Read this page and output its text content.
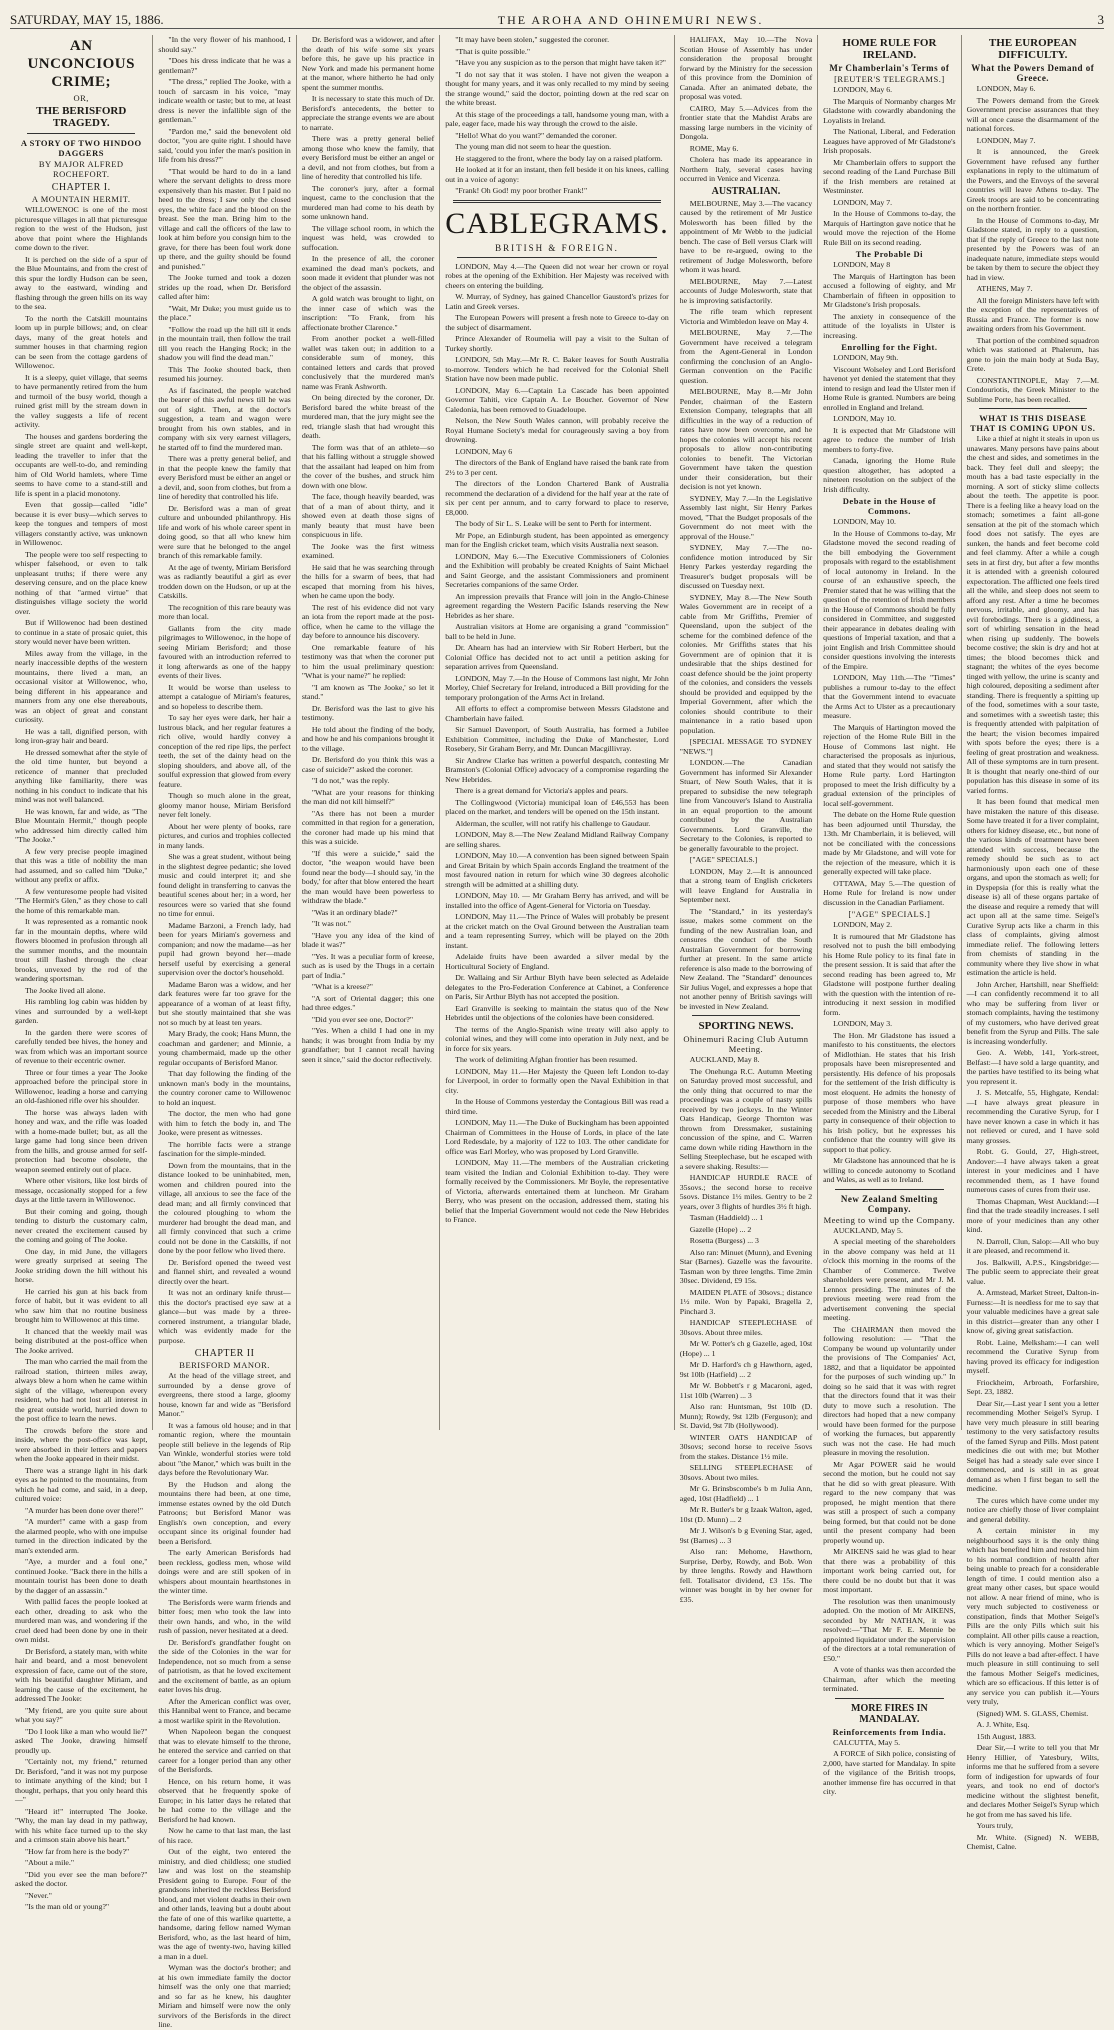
SATURDAY, MAY 15, 1886.	THE AROHA AND OHINEMURI NEWS.	3
AN UNCONCIOUS CRIME;
OR,
THE BERISFORD TRAGEDY.
A STORY OF TWO HINDOO DAGGERS
BY MAJOR ALFRED ROCHEFORT.
CHAPTER I.
A MOUNTAIN HERMIT.

WILLOWENOC is one of the most picturesque villages in all that picturesque region to the west of the Hudson, just above that point where the Highlands come down to the river.

It is perched on the side of a spur of the Blue Mountains, and from the crest of this spur the lordly Hudson can be seen, away to the eastward, winding and flashing through the green hills on its way to the sea.

To the north the Catskill mountains loom up in purple billows; and, on clear days, many of the great hotels and summer houses in that charming region can be seen from the cottage gardens of Willowenoc.

It is a sleepy, quiet village, that seems to have permanently retired from the hum and turmoil of the busy world, though a ruined grist mill by the stream down in the valley suggests a life of recent activity.

The houses and gardens bordering the single street are quaint and well-kept, leading the traveller to infer that the occupants are well-to-do, and reminding him of Old World hamlets, where Time seems to have come to a stand-still and life is spent in a placid monotony.

Even that gossip—called "idle" because it is ever busy—which serves to keep the tongues and tempers of most villagers constantly active, was unknown in Willowenoc.

The people were too self respecting to whisper falsehood, or even to talk unpleasant truths; if there were any deserving censure, and on the place knew nothing of that "armed virtue" that distinguishes village society the world over.

But if Willowenoc had been destined to continue in a state of prosaic quiet, this story would never have been written.

Miles away from the village, in the nearly inaccessible depths of the western mountains, there lived a man, an occasional visitor at Willowenoc, who, being different in his appearance and manners from any one else thereabouts, was an object of great and constant curiosity.

He was a tall, dignified person, with long iron-gray hair and beard.

He dressed somewhat after the style of the old time hunter, but beyond a reticence of manner that precluded anything like familiarity, there was nothing in his conduct to indicate that his mind was not well balanced.

He was known, far and wide, as "The Blue Mountain Hermit," though people who addressed him directly called him "The Jooke."

A few very precise people imagined that this was a title of nobility the man had assumed, and so called him "Duke," without any prefix or affix.

A few venturesome people had visited "The Hermit's Glen," as they chose to call the home of this remarkable man.

It was represented as a romantic nook far in the mountain depths, where wild flowers bloomed in profusion through all the summer months, and the mountain trout still flashed through the clear brooks, unvexed by the rod of the wandering sportsman.

The Jooke lived all alone.

His rambling log cabin was hidden by vines and surrounded by a well-kept garden.

In the garden there were scores of carefully tended bee hives, the honey and wax from which was an important source of revenue to their eccentric owner.

Three or four times a year The Jooke approached before the principal store in Willowenoc, leading a horse and carrying an old-fashioned rifle over his shoulder.

The horse was always laden with honey and wax, and the rifle was loaded with a home-made bullet; but, as all the large game had long since been driven from the hills, and grouse armed for self-protection had become obsolete, the weapon seemed entirely out of place.

Where other visitors, like lost birds of message, occasionally stopped for a few days at the little tavern in Willowenoc.

But their coming and going, though tending to disturb the customary calm, never created the excitement caused by the coming and going of The Jooke.

One day, in mid June, the villagers were greatly surprised at seeing The Jooke striding down the hill without his horse.

He carried his gun at his back from force of habit, but it was evident to all who saw him that no routine business brought him to Willowenoc at this time.

It chanced that the weekly mail was being distributed at the post-office when The Jooke arrived.

The man who carried the mail from the railroad station, thirteen miles away, always blew a horn when he came within sight of the village, whereupon every resident, who had not lost all interest in the great outside world, hurried down to the post office to learn the news.

The crowds before the store and inside, where the post-office was kept, were absorbed in their letters and papers when the Jooke appeared in their midst.

There was a strange light in his dark eyes as he pointed to the mountains, from which he had come, and said, in a deep, cultured voice:

"A murder has been done over there!"

"A murder!" came with a gasp from the alarmed people, who with one impulse turned in the direction indicated by the man's extended arm.

"Aye, a murder and a foul one," continued Jooke. "Back there in the hills a mountain tourist has been done to death by the dagger of an assassin."

With pallid faces the people looked at each other, dreading to ask who the murdered man was, and wondering if the cruel deed had been done by one in their own midst.

Dr Berisford, a stately man, with white hair and beard, and a most benevolent expression of face, came out of the store, with his beautiful daughter Miriam, and learning the cause of the excitement, he addressed The Jooke:

"My friend, are you quite sure about what you say?"

"Do I look like a man who would lie?" asked The Jooke, drawing himself proudly up.

"Certainly not, my friend," returned Dr. Berisford, "and it was not my purpose to intimate anything of the kind; but I thought, perhaps, that you only heard this—"

"Heard it!" interrupted The Jooke. "Why, the man lay dead in my pathway, with his white face turned up to the sky and a crimson stain above his heart."

"How far from here is the body?"

"About a mile."

"Did you ever see the man before?" asked the doctor.

"Never."

"Is the man old or young?"

"In the very flower of his manhood, I should say."

"Does his dress indicate that he was a gentleman?"

"The dress," replied The Jooke, with a touch of sarcasm in his voice, "may indicate wealth or taste; but to me, at least dress is never the infallible sign of the gentleman."

"Pardon me," said the benevolent old doctor, "you are quite right. I should have said, 'could you infer the man's position in life from his dress?'"

"That would be hard to do in a land where the servant delights to dress more expensively than his master. But I paid no heed to the dress; I saw only the closed eyes, the white face and the blood on the breast. See the man. Bring him to the village and call the officers of the law to look at him before you consign him to the grave, for there has been foul work done up there, and the guilty should be found and punished."

The Jooke turned and took a dozen strides up the road, when Dr. Berisford called after him:

"Wait, Mr Duke; you must guide us to the place."

"Follow the road up the hill till it ends in the mountain trail, then follow the trail till you reach the Hanging Rock; in the shadow you will find the dead man."

This The Jooke shouted back, then resumed his journey.

As if fascinated, the people watched the bearer of this awful news till he was out of sight. Then, at the doctor's suggestion, a team and wagon were brought from his own stables, and in company with six very earnest villagers, he started off to find the murdered man.

There was a pretty general belief, and in that the people knew the family that every Berisford must be either an angel or a devil, and, soon from clothes, but from a line of heredity that controlled his life.

Dr. Berisford was a man of great culture and unbounded philanthropy. His life and work of his whole career spent in doing good, so that all who knew him were sure that he belonged to the angel branch of this remarkable family.

At the age of twenty, Miriam Berisford was as radiantly beautiful a girl as ever trodden down on the Hudson, or up at the Catskills.

The recognition of this rare beauty was more than local.

Gallants from the city made pilgrimages to Willowenoc, in the hope of seeing Miriam Berisford; and those favoured with an introduction referred to it long afterwards as one of the happy events of their lives.

It would be worse than useless to attempt a catalogue of Miriam's features, and so hopeless to describe them.

To say her eyes were dark, her hair a lustrous black, and her regular features a rich olive, would hardly convey a conception of the red ripe lips, the perfect teeth, the set of the dainty head on the sloping shoulders, and above all, of the soulful expression that glowed from every feature.

Though so much alone in the great, gloomy manor house, Miriam Berisford never felt lonely.

About her were plenty of books, rare pictures, and curios and trophies collected in many lands.

She was a great student, without being in the slightest degree pedantic; she loved music and could interpret it; and she found delight in transferring to canvas the beautiful scenes about her; in a word, her resources were so varied that she found no time for ennui.

Madame Barzoni, a French lady, had been for years Miriam's governess and companion; and now the madame—as her pupil had grown beyond her—made herself useful by exercising a general supervision over the doctor's household.

Madame Baron was a widow, and her dark features were far too grave for the appearance of a woman of at least fifty, but she stoutly maintained that she was not so much by at least ten years.

Mary Brady, the cook; Hans Munn, the coachman and gardener; and Minnie, a young chambermaid, made up the other regular occupants of Berisford Manor.

That day following the finding of the unknown man's body in the mountains, the country coroner came to Willowenoc to hold an inquest.

The doctor, the men who had gone with him to fetch the body in, and The Jooke, were present as witnesses.

The horrible facts were a strange fascination for the simple-minded.

Down from the mountains, that in the distance looked to be uninhabited, men, women and children poured into the village, all anxious to see the face of the dead man; and all firmly convinced that the coloured ploughing to whom the murderer had brought the dead man, and all firmly convinced that such a crime could not be done in the Catskills, if not done by the poor fellow who lived there.

Dr. Berisford opened the tweed vest and flannel shirt, and revealed a wound directly over the heart.

It was not an ordinary knife thrust—this the doctor's practised eye saw at a glance—but was made by a three-cornered instrument, a triangular blade, which was evidently made for the purpose.

CHAPTER II
BERISFORD MANOR.

At the head of the village street, and surrounded by a dense grove of evergreens, there stood a large, gloomy house, known far and wide as "Berisford Manor."

It was a famous old house; and in that romantic region, where the mountain people still believe in the legends of Rip Van Winkle, wonderful stories were told about "the Manor," which was built in the days before the Revolutionary War.

By the Hudson and along the mountains there had been, at one time, immense estates owned by the old Dutch Patroons; but Berisford Manor was English's own conception, and every occupant since its original founder had been a Berisford.

The early American Berisfords had been reckless, godless men, whose wild doings were and are still spoken of in whispers about mountain hearthstones in the winter time.

The Berisfords were warm friends and bitter foes; men who took the law into their own hands, and who, in the wild rush of passion, never hesitated at a deed.

Dr. Berisford's grandfather fought on the side of the Colonies in the war for Independence, not so much from a sense of patriotism, as that he loved excitement and the excitement of battle, as an opium eater loves his drug.

After the American conflict was over, this Hannibal went to France, and became a most warlike spirit in the Revolution.

When Napoleon began the conquest that was to elevate himself to the throne, he entered the service and carried on that career for a longer period than any other of the Berisfords.

Hence, on his return home, it was observed that he frequently spoke of Europe; in his latter days he related that he had come to the village and the Berisford he had known.

Now he came to that last man, the last of his race.

Out of the eight, two entered the ministry, and died childless; one studied law and was lost on the steamship President going to Europe. Four of the grandsons inherited the reckless Berisford blood, and met violent deaths in their own and other lands, leaving but a doubt about the fate of one of this warlike quartette, a handsome, daring fellow named Wyman Berisford, who, as the last heard of him, was the age of twenty-two, having killed a man in a duel.

Wyman was the doctor's brother; and at his own immediate family the doctor himself was the only one that married; and so far as he knew, his daughter Miriam and himself were now the only survivors of the Berisfords in the direct line.

Dr. Berisford was a widower, and after the death of his wife some six years before this, he gave up his practice in New York and made his permanent home at the manor, where hitherto he had only spent the summer months.

It is necessary to state this much of Dr. Berisford's antecedents, the better to appreciate the strange events we are about to narrate.

There was a pretty general belief among those who knew the family, that every Berisford must be either an angel or a devil, and not from clothes, but from a line of heredity that controlled his life.

The coroner's jury, after a formal inquest, came to the conclusion that the murdered man had come to his death by some unknown hand.

The village school room, in which the inquest was held, was crowded to suffocation.

In the presence of all, the coroner examined the dead man's pockets, and soon made it evident that plunder was not the object of the assassin.

A gold watch was brought to light, on the inner case of which was the inscription: "To Frank, from his affectionate brother Clarence."

From another pocket a well-filled wallet was taken out; in addition to a considerable sum of money, this contained letters and cards that proved conclusively that the murdered man's name was Frank Ashworth.

On being directed by the coroner, Dr. Berisford bared the white breast of the murdered man, that the jury might see the red, triangle slash that had wrought this death.

The form was that of an athlete—so that his falling without a struggle showed that the assailant had leaped on him from the cover of the bushes, and struck him down with one blow.

The face, though heavily bearded, was that of a man of about thirty, and it showed even at death those signs of manly beauty that must have been conspicuous in life.

The Jooke was the first witness examined.

He said that he was searching through the hills for a swarm of bees, that had escaped that morning from his hives, when he came upon the body.

The rest of his evidence did not vary an iota from the report made at the post-office, when he came to the village the day before to announce his discovery.

One remarkable feature of his testimony was that when the coroner put to him the usual preliminary question: "What is your name?" he replied:

"I am known as 'The Jooke,' so let it stand."

Dr. Berisford was the last to give his testimony.

He told about the finding of the body, and how he and his companions brought it to the village.

Dr. Berisford do you think this was a case of suicide?" asked the coroner.

"I do not," was the reply.

"What are your reasons for thinking the man did not kill himself?"

"As there has not been a murder committed in that region for a generation, the coroner had made up his mind that this was a suicide.

"If this were a suicide," said the doctor, "the weapon would have been found near the body—I should say, 'in the body,' for after that blow entered the heart the man would have been powerless to withdraw the blade."

"Was it an ordinary blade?"

"It was not."

"Have you any idea of the kind of blade it was?"

"Yes. It was a peculiar form of kreese, such as is used by the Thugs in a certain part of India."

"What is a kreese?"

"A sort of Oriental dagger; this one had three edges."

"Did you ever see one, Doctor?"

"Yes. When a child I had one in my hands; it was brought from India by my grandfather; but I cannot recall having seen it since," said the doctor reflectively.

"It may have been stolen," suggested the coroner.

"That is quite possible."

"Have you any suspicion as to the person that might have taken it?"

"I do not say that it was stolen. I have not given the weapon a thought for many years, and it was only recalled to my mind by seeing the strange wound," said the doctor, pointing down at the red scar on the white breast.

At this stage of the proceedings a tall, handsome young man, with a pale, eager face, made his way through the crowd to the aisle.

"Hello! What do you want?" demanded the coroner.

The young man did not seem to hear the question.

He staggered to the front, where the body lay on a raised platform.

He looked at it for an instant, then fell beside it on his knees, calling out in a voice of agony:

"Frank! Oh God! my poor brother Frank!"

CABLEGRAMS.
BRITISH & FOREIGN.

LONDON, May 4.—The Queen did not wear her crown or royal robes at the opening of the Exhibition. Her Majesty was received with cheers on entering the building.

W. Murray, of Sydney, has gained Chancellor Gaustord's prizes for Latin and Greek verses.

The European Powers will present a fresh note to Greece to-day on the subject of disarmament.

Prince Alexander of Roumelia will pay a visit to the Sultan of Turkey shortly.

LONDON, 5th May.—Mr R. C. Baker leaves for South Australia to-morrow. Tenders which he had received for the Colonial Shell Station have now been made public.

LONDON, May 6.—Captain La Cascade has been appointed Governor Tahiti, vice Captain A. Le Boucher. Governor of New Caledonia, has been removed to Guadeloupe.

Nelson, the New South Wales cannon, will probably receive the Royal Humane Society's medal for courageously saving a boy from drowning.

LONDON, May 6

The directors of the Bank of England have raised the bank rate from 2½ to 3 per cent.

The directors of the London Chartered Bank of Australia recommend the declaration of a dividend for the half year at the rate of six per cent per annum, and to carry forward to place to reserve, £8,000.

The body of Sir L. S. Leake will be sent to Perth for interment.

Mr Pope, an Edinburgh student, has been appointed as emergency man for the English cricket team, which visits Australia next season.

LONDON, May 6.—The Executive Commissioners of Colonies and the Exhibition will probably be created Knights of Saint Michael and Saint George, and the assistant Commissioners and prominent Secretaries companions of the same Order.

An impression prevails that France will join in the Anglo-Chinese agreement regarding the Western Pacific Islands reserving the New Hebrides as her share.

Australian visitors at Home are organising a grand "commission" ball to be held in June.

Dr. Ahearn has had an interview with Sir Robert Herbert, but the Colonial Office has decided not to act until a petition asking for separation arrives from Queensland.

LONDON, May 7.—In the House of Commons last night, Mr John Morley, Chief Secretary for Ireland, introduced a Bill providing for the temporary prolongation of the Arms Act in Ireland.

All efforts to effect a compromise between Messrs Gladstone and Chamberlain have failed.

Sir Samuel Davenport, of South Australia, has formed a Jubilee Exhibition Committee, including the Duke of Manchester, Lord Rosebery, Sir Graham Berry, and Mr. Duncan Macgillivray.

Sir Andrew Clarke has written a powerful despatch, contesting Mr Bramston's (Colonial Office) advocacy of a compromise regarding the New Hebrides.

There is a great demand for Victoria's apples and pears.

The Collingwood (Victoria) municipal loan of £46,553 has been placed on the market, and tenders will be opened on the 15th instant.

Alderman, the sculler, will not ratify his challenge to Gaudaur.

LONDON, May 8.—The New Zealand Midland Railway Company are selling shares.

LONDON, May 10.—A convention has been signed between Spain and Great Britain by which Spain accords England the treatment of the most favoured nation in return for which wine 30 degrees alcoholic strength will be admitted at a shilling duty.

LONDON, May 10. — Mr Graham Berry has arrived, and will be installed into the office of Agent-General for Victoria on Tuesday.

LONDON, May 11.—The Prince of Wales will probably be present at the cricket match on the Oval Ground between the Australian team and a team representing Surrey, which will be played on the 20th instant.

Adelaide fruits have been awarded a silver medal by the Horticultural Society of England.

Dr. Wallaing and Sir Arthur Blyth have been selected as Adelaide delegates to the Pro-Federation Conference at Cabinet, a Conference on Paris, Sir Arthur Blyth has not accepted the position.

Earl Granville is seeking to maintain the status quo of the New Hebrides until the objections of the colonies have been considered.

The terms of the Anglo-Spanish wine treaty will also apply to colonial wines, and they will come into operation in July next, and be in force for six years.

The work of delimiting Afghan frontier has been resumed.

LONDON, May 11.—Her Majesty the Queen left London to-day for Liverpool, in order to formally open the Naval Exhibition in that city.

In the House of Commons yesterday the Contagious Bill was read a third time.

LONDON, May 11.—The Duke of Buckingham has been appointed Chairman of Committees in the House of Lords, in place of the late Lord Redesdale, by a majority of 122 to 103. The other candidate for office was Earl Morley, who was proposed by Lord Granville.

LONDON, May 11.—The members of the Australian cricketing team visited the Indian and Colonial Exhibition to-day. They were formally received by the Commissioners. Mr Boyle, the representative of Victoria, afterwards entertained them at luncheon. Mr Graham Berry, who was present on the occasion, addressed them, stating his belief that the Imperial Government would not cede the New Hebrides to France.

HALIFAX, May 10.—The Nova Scotian House of Assembly has under consideration the proposal brought forward by the Ministry for the secession of this province from the Dominion of Canada. After an animated debate, the proposal was voted.

CAIRO, May 5.—Advices from the frontier state that the Mahdist Arabs are massing large numbers in the vicinity of Dongola.

ROME, May 6.

Cholera has made its appearance in Northern Italy, several cases having occurred in Venice and Vicenza.

AUSTRALIAN.

MELBOURNE, May 3.—The vacancy caused by the retirement of Mr Justice Molesworth has been filled by the appointment of Mr Webb to the judicial bench. The case of Bell versus Clark will have to be re-argued, owing to the retirement of Judge Molesworth, before whom it was heard.

MELBOURNE, May 7.—Latest accounts of Judge Molesworth, state that he is improving satisfactorily.

The rifle team which represent Victoria and Wimbledon leave on May 4.

MELBOURNE, May 7.—The Government have received a telegram from the Agent-General in London confirming the conclusion of an Anglo-German convention on the Pacific question.

MELBOURNE, May 8.—Mr John Pender, chairman of the Eastern Extension Company, telegraphs that all difficulties in the way of a reduction of rates have now been overcome, and he hopes the colonies will accept his recent proposals to allow non-contributing colonies to benefit. The Victorian Government have taken the question under their consideration, but their decision is not yet known.

SYDNEY, May 7.—In the Legislative Assembly last night, Sir Henry Parkes moved, "That the Budget proposals of the Government do not meet with the approval of the House."

SYDNEY, May 7.—The no-confidence motion introduced by Sir Henry Parkes yesterday regarding the Treasurer's budget proposals will be discussed on Tuesday next.

SYDNEY, May 8.—The New South Wales Government are in receipt of a cable from Mr Griffiths, Premier of Queensland, upon the subject of the scheme for the combined defence of the colonies. Mr Griffiths states that his Government are of opinion that it is undesirable that the ships destined for coast defence should be the joint property of the colonies, and considers the vessels should be provided and equipped by the Imperial Government, after which the colonies should contribute to their maintenance in a ratio based upon population.

[SPECIAL MESSAGE TO SYDNEY "NEWS."]

LONDON.—The Canadian Government has informed Sir Alexander Stuart, of New South Wales, that it is prepared to subsidise the new telegraph line from Vancouver's Island to Australia in an equal proportion to the amount contributed by the Australian Governments. Lord Granville, the Secretary to the Colonies, is reported to be generally favourable to the project.

["AGE" SPECIALS.]

LONDON, May 2.—It is announced that a strong team of English cricketers will leave England for Australia in September next.

The "Standard," in its yesterday's issue, makes some comment on the funding of the new Australian loan, and censures the conduct of the South Australian Government for borrowing further at present. In the same article reference is also made to the borrowing of New Zealand. The "Standard" denounces Sir Julius Vogel, and expresses a hope that not another penny of British savings will be invested in New Zealand.

SPORTING NEWS.
Ohinemuri Racing Club Autumn Meeting.

AUCKLAND, May 8.

The Onehunga R.C. Autumn Meeting on Saturday proved most successful, and the only thing that occurred to mar the proceedings was a couple of nasty spills received by two jockeys. In the Winter Oats Handicap, George Thornton was thrown from Dressmaker, sustaining concussion of the spine, and C. Warren came down while riding Hawthorn in the Selling Steeplechase, but he escaped with a severe shaking. Results:—

HANDICAP HURDLE RACE of 35sovs.; the second horse to receive 5sovs. Distance 1½ miles. Gentry to be 2 years, over 3 flights of hurdles 3½ ft high.

Tasman (Haddield) ... 1

Gazelle (Hope) ... 2

Rosetta (Burgess) ... 3

Also ran: Minuet (Munn), and Evening Star (Barnes). Gazelle was the favourite. Tasman won by three lengths. Time 2min 30sec. Dividend, £9 15s.

MAIDEN PLATE of 30sovs.; distance 1½ mile. Won by Papaki, Bragella 2, Pinchard 3.

HANDICAP STEEPLECHASE of 30sovs. About three miles.

Mr W. Potter's ch g Gazelle, aged, 10st (Hope) ... 1

Mr D. Harford's ch g Hawthorn, aged, 9st 10lb (Hatfield) ... 2

Mr W. Bobbett's r g Macaroni, aged, 11st 10lb (Warren) ... 3

Also ran: Huntsman, 9st 10lb (D. Munn); Rowdy, 9st 12lb (Ferguson); and St. David, 9st 7lb (Hollywood).

WINTER OATS HANDICAP of 30sovs; second horse to receive 5sovs from the stakes. Distance 1½ mile.

SELLING STEEPLECHASE of 30sovs. About two miles.

Mr G. Brinsbscombe's b m Julia Ann, aged, 10st (Hadfield) ... 1

Mr R. Butler's br g Izaak Walton, aged, 10st (D. Munn) ... 2

Mr J. Wilson's b g Evening Star, aged, 9st (Barnes) ... 3

Also ran: Mehome, Hawthorn, Surprise, Derby, Rowdy, and Bob. Won by three lengths. Rowdy and Hawthorn fell. Totalisator dividend, £3 15s. The winner was bought in by her owner for £35.

HOME RULE FOR IRELAND.
Mr Chamberlain's Terms of
[REUTER'S TELEGRAMS.]

LONDON, May 6.

The Marquis of Normanby charges Mr Gladstone with cowardly abandoning the Loyalists in Ireland.

The National, Liberal, and Federation Leagues have approved of Mr Gladstone's Irish proposals.

Mr Chamberlain offers to support the second reading of the Land Purchase Bill if the Irish members are retained at Westminster.

LONDON, May 7.

In the House of Commons to-day, the Marquis of Hartington gave notice that he would move the rejection of the Home Rule Bill on its second reading.

The Probable Di

LONDON, May 8

The Marquis of Hartington has been accused a following of eighty, and Mr Chamberlain of fifteen in opposition to Mr Gladstone's Irish proposals.

The anxiety in consequence of the attitude of the loyalists in Ulster is increasing.

Enrolling for the Fight.

LONDON, May 9th.

Viscount Wolseley and Lord Berisford havenot yet denied the statement that they intend to resign and lead the Ulster men if Home Rule is granted. Numbers are being enrolled in England and Ireland.

LONDON, May 10.

It is expected that Mr Gladstone will agree to reduce the number of Irish members to forty-five.

Canada, ignoring the Home Rule question altogether, has adopted a nineteen resolution on the subject of the Irish difficulty.

Debate in the House of Commons.

LONDON, May 10.

In the House of Commons to-day, Mr Gladstone moved the second reading of the bill embodying the Government proposals with regard to the establishment of local autonomy in Ireland. In the course of an exhaustive speech, the Premier stated that he was willing that the question of the retention of Irish members in the House of Commons should be fully considered in Committee, and suggested their appearance in debates dealing with questions of Imperial taxation, and that a joint English and Irish Committee should consider questions involving the interests of the Empire.

LONDON, May 11th.—The "Times" publishes a rumour to-day to the effect that the Government intend to evacuate the Arms Act to Ulster as a precautionary measure.

The Marquis of Hartington moved the rejection of the Home Rule Bill in the House of Commons last night. He characterised the proposals as injurious, and stated that they would not satisfy the Home Rule party. Lord Hartington proposed to meet the Irish difficulty by a gradual extension of the principles of local self-government.

The debate on the Home Rule question has been adjourned until Thursday, the 13th. Mr Chamberlain, it is believed, will not be conciliated with the concessions made by Mr Gladstone, and will vote for the rejection of the measure, which it is generally expected will take place.

OTTAWA, May 5.—The question of Home Rule for Ireland is now under discussion in the Canadian Parliament.

["AGE" SPECIALS.]

LONDON, May 2.

It is rumoured that Mr Gladstone has resolved not to push the bill embodying his Home Rule policy to its final fate in the present session. It is said that after the second reading has been agreed to, Mr Gladstone will postpone further dealing with the question with the intention of re-introducing it next session in modified form.

LONDON, May 3.

The Hon. Mr Gladstone has issued a manifesto to his constituents, the electors of Midlothian. He states that his Irish proposals have been misrepresented and persistently. His defence of his proposals for the settlement of the Irish difficulty is most eloquent. He admits the honesty of purpose of those members who have seceded from the Ministry and the Liberal party in consequence of their objection to his Irish policy, but he expresses his confidence that the country will give its support to that policy.

Mr Gladstone has announced that he is willing to concede autonomy to Scotland and Wales, as well as to Ireland.

New Zealand Smelting Company.
Meeting to wind up the Company.

AUCKLAND, May 5.

A special meeting of the shareholders in the above company was held at 11 o'clock this morning in the rooms of the Chamber of Commerce. Twelve shareholders were present, and Mr J. M. Lennox presiding. The minutes of the previous meeting were read from the advertisement convening the special meeting.

The CHAIRMAN then moved the following resolution: — "That the Company be wound up voluntarily under the provisions of The Companies' Act, 1882, and that a liquidator be appointed for the purposes of such winding up." In doing so he said that it was with regret that the directors found that it was their duty to move such a resolution. The directors had hoped that a new company would have been formed for the purpose of working the furnaces, but apparently such was not the case. He had much pleasure in moving the resolution.

Mr Agar POWER said he would second the motion, but he could not say that he did so with great pleasure. With regard to the new company that was proposed, he might mention that there was still a prospect of such a company being formed, but that could not be done until the present company had been properly wound up.

Mr AIKENS said he was glad to hear that there was a probability of this important work being carried out, for there could be no doubt but that it was most important.

The resolution was then unanimously adopted. On the motion of Mr AIKENS, seconded by Mr NATHAN, it was resolved:—"That Mr F. E. Mennie be appointed liquidator under the supervision of the directors at a total remuneration of £50."

A vote of thanks was then accorded the Chairman, after which the meeting terminated.

MORE FIRES IN MANDALAY.
Reinforcements from India.

CALCUTTA, May 5.

A FORCE of Sikh police, consisting of 2,000, have started for Mandalay. In spite of the vigilance of the British troops, another immense fire has occurred in that city.

THE EUROPEAN DIFFICULTY.
What the Powers Demand of Greece.

LONDON, May 6.

The Powers demand from the Greek Government precise assurances that they will at once cause the disarmament of the national forces.

LONDON, May 7.

It is announced, the Greek Government have refused any further explanations in reply to the ultimatum of the Powers, and the Envoys of the several countries will leave Athens to-day. The Greek troops are said to be concentrating on the northern frontier.

In the House of Commons to-day, Mr Gladstone stated, in reply to a question, that if the reply of Greece to the last note presented by the Powers was of an inadequate nature, immediate steps would be taken by them to secure the object they had in view.

ATHENS, May 7.

All the foreign Ministers have left with the exception of the representatives of Russia and France. The former is now awaiting orders from his Government.

That portion of the combined squadron which was stationed at Phalerum, has gone to join the main body at Suda Bay, Crete.

CONSTANTINOPLE, May 7.—M. Condouriotis, the Greek Minister to the Sublime Porte, has been recalled.

WHAT IS THIS DISEASE THAT IS COMING UPON US.

Like a thief at night it steals in upon us unawares. Many persons have pains about the chest and sides, and sometimes in the back. They feel dull and sleepy; the mouth has a bad taste especially in the morning. A sort of sticky slime collects about the teeth. The appetite is poor. There is a feeling like a heavy load on the stomach; sometimes a faint all-gone sensation at the pit of the stomach which food does not satisfy. The eyes are sunken, the hands and feet become cold and feel clammy. After a while a cough sets in at first dry, but after a few months it is attended with a greenish coloured expectoration. The afflicted one feels tired all the while, and sleep does not seem to afford any rest. After a time he becomes nervous, irritable, and gloomy, and has evil forebodings. There is a giddiness, a sort of whirling sensation in the head when rising up suddenly. The bowels become costive; the skin is dry and hot at times; the blood becomes thick and stagnant; the whites of the eyes become tinged with yellow, the urine is scanty and high coloured, depositing a sediment after standing. There is frequently a spitting up of the food, sometimes with a sour taste, and sometimes with a sweetish taste; this is frequently attended with palpitation of the heart; the vision becomes impaired with spots before the eyes; there is a feeling of great prostration and weakness. All of these symptoms are in turn present. It is thought that nearly one-third of our population has this disease in some of its varied forms.

It has been found that medical men have mistaken the nature of this disease. Some have treated it for a liver complaint, others for kidney disease, etc., but none of the various kinds of treatment have been attended with success, because the remedy should be such as to act harmoniously upon each one of these organs, and upon the stomach as well; for in Dyspepsia (for this is really what the disease is) all of these organs partake of the disease and require a remedy that will act upon all at the same time. Seigel's Curative Syrup acts like a charm in this class of complaints, giving almost immediate relief. The following letters from chemists of standing in the community where they live show in what estimation the article is held.

John Archer, Hartshill, near Sheffield:—I can confidently recommend it to all who may be suffering from liver or stomach complaints, having the testimony of my customers, who have derived great benefit from the Syrup and Pills. The sale is increasing wonderfully.

Geo. A. Webb, 141, York-street, Belfast:—I have sold a large quantity, and the parties have testified to its being what you represent it.

J. S. Metcalfe, 55, Highgate, Kendal:—I have always great pleasure in recommending the Curative Syrup, for I have never known a case in which it has not relieved or cured, and I have sold many grosses.

Robt. G. Gould, 27, High-street, Andover:—I have always taken a great interest in your medicines and I have recommended them, as I have found numerous cases of cures from their use.

Thomas Chapman, West Auckland:—I find that the trade steadily increases. I sell more of your medicines than any other kind.

N. Darroll, Clun, Salop:—All who buy it are pleased, and recommend it.

Jos. Balkwill, A.P.S., Kingsbridge:—The public seem to appreciate their great value.

A. Armstead, Market Street, Dalton-in-Furness:—It is needless for me to say that your valuable medicines have a great sale in this district—greater than any other I know of, giving great satisfaction.

Robt. Laine, Melksham:—I can well recommend the Curative Syrup from having proved its efficacy for indigestion myself.

Friockheim, Arbroath, Forfarshire, Sept. 23, 1882.

Dear Sir,—Last year I sent you a letter recommending Mother Seigel's Syrup. I have very much pleasure in still bearing testimony to the very satisfactory results of the famed Syrup and Pills. Most patent medicines die out with me; but Mother Seigel has had a steady sale ever since I commenced, and is still in as great demand as when I first began to sell the medicine.

The cures which have come under my notice are chiefly those of liver complaint and general debility.

A certain minister in my neighbourhood says it is the only thing which has benefited him and restored him to his normal condition of health after being unable to preach for a considerable length of time. I could mention also a great many other cases, but space would not allow. A near friend of mine, who is very much subjected to costiveness or constipation, finds that Mother Seigel's Pills are the only Pills which suit his complaint. All other pills cause a reaction, which is very annoying. Mother Seigel's Pills do not leave a bad after-effect. I have much pleasure in still continuing to sell the famous Mother Seigel's medicines, which are so efficacious. If this letter is of any service you can publish it.—Yours very truly,

(Signed) WM. S. GLASS, Chemist.

A. J. White, Esq.

15th August, 1883.

Dear Sir,—I write to tell you that Mr Henry Hillier, of Yatesbury, Wilts, informs me that he suffered from a severe form of indigestion for upwards of four years, and took no end of doctor's medicine without the slightest benefit, and declares Mother Seigel's Syrup which he got from me has saved his life.

Yours truly,

Mr. White. (Signed) N. WEBB, Chemist, Calne.
